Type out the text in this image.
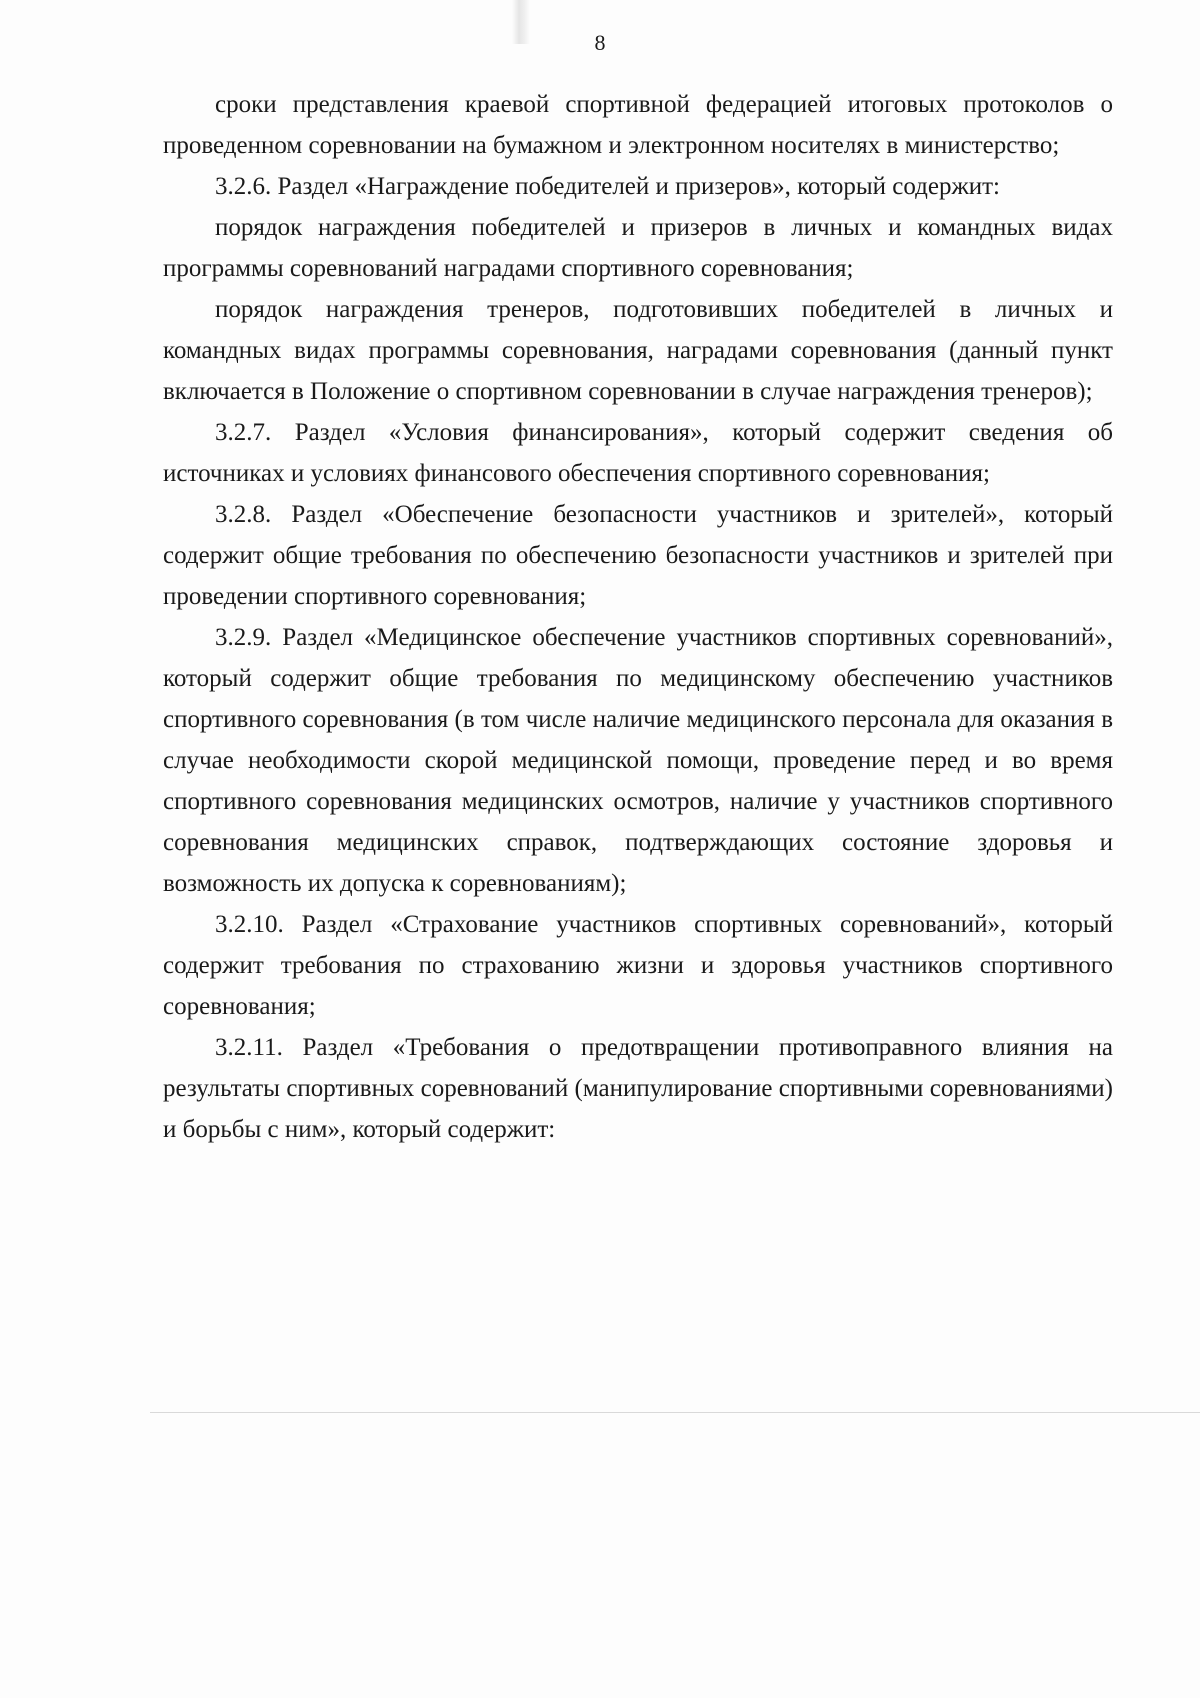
8

сроки представления краевой спортивной федерацией итоговых протоколов о проведенном соревновании на бумажном и электронном носителях в министерство;

3.2.6. Раздел «Награждение победителей и призеров», который содержит:

порядок награждения победителей и призеров в личных и командных видах программы соревнований наградами спортивного соревнования;

порядок награждения тренеров, подготовивших победителей в личных и командных видах программы соревнования, наградами соревнования (данный пункт включается в Положение о спортивном соревновании в случае награждения тренеров);

3.2.7. Раздел «Условия финансирования», который содержит сведения об источниках и условиях финансового обеспечения спортивного соревнования;

3.2.8. Раздел «Обеспечение безопасности участников и зрителей», который содержит общие требования по обеспечению безопасности участников и зрителей при проведении спортивного соревнования;

3.2.9. Раздел «Медицинское обеспечение участников спортивных соревнований», который содержит общие требования по медицинскому обеспечению участников спортивного соревнования (в том числе наличие медицинского персонала для оказания в случае необходимости скорой медицинской помощи, проведение перед и во время спортивного соревнования медицинских осмотров, наличие у участников спортивного соревнования медицинских справок, подтверждающих состояние здоровья и возможность их допуска к соревнованиям);

3.2.10. Раздел «Страхование участников спортивных соревнований», который содержит требования по страхованию жизни и здоровья участников спортивного соревнования;

3.2.11. Раздел «Требования о предотвращении противоправного влияния на результаты спортивных соревнований (манипулирование спортивными соревнованиями) и борьбы с ним», который содержит:
